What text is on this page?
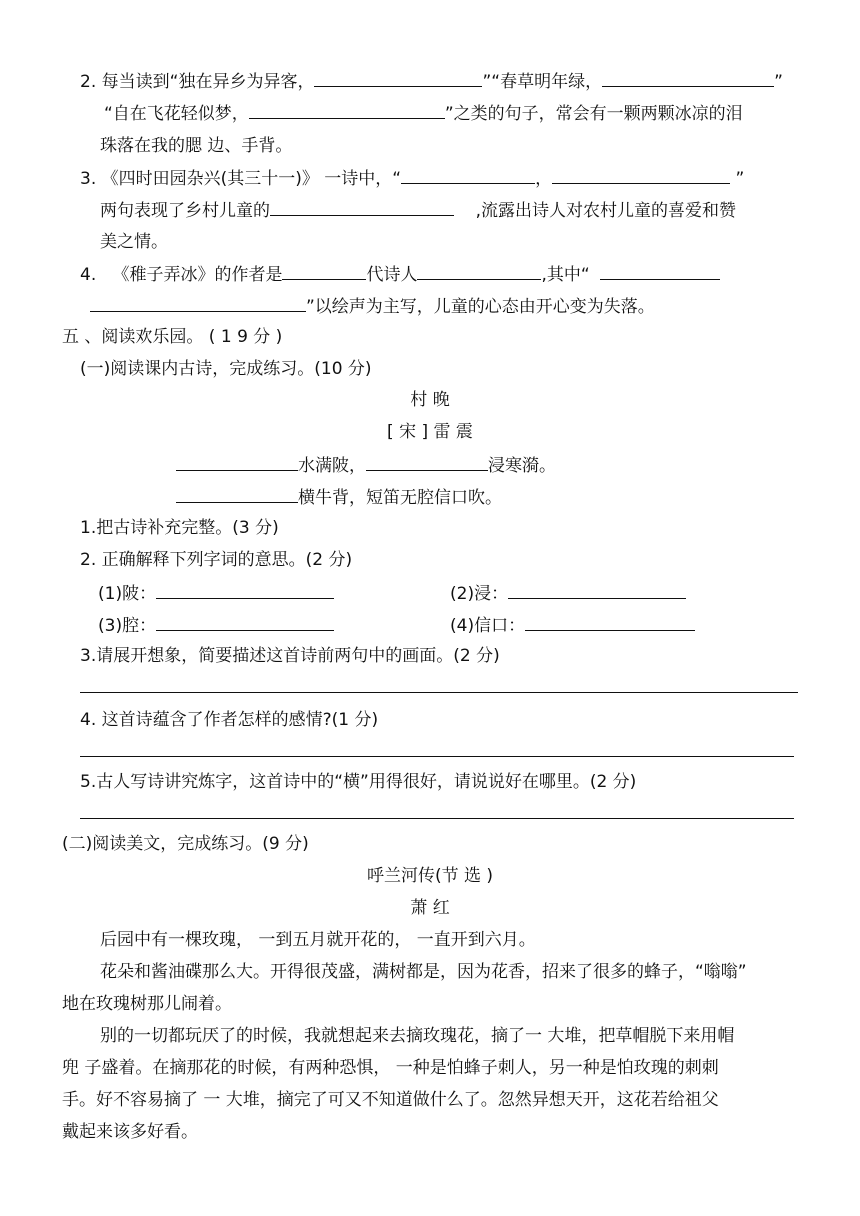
2. 每当读到“独在异乡为异客，	”“春草明年绿，	”
“自在飞花轻似梦，	”之类的句子，常会有一颗两颗冰凉的泪
珠落在我的腮 边、手背。
3. 《四时田园杂兴(其三十一)》 一诗中，“	，	”
两句表现了乡村儿童的	,流露出诗人对农村儿童的喜爱和赞
美之情。
4. 《稚子弄冰》的作者是	代诗人	,其中“
”以绘声为主写，儿童的心态由开心变为失落。
五 、阅读欢乐园。 ( 1 9 分 )
(一)阅读课内古诗，完成练习。(10 分)
村 晚
[ 宋 ] 雷 震
水满陂，	浸寒漪。
横牛背，短笛无腔信口吹。
1.把古诗补充完整。(3 分)
2. 正确解释下列字词的意思。(2 分)
(1)陂：	(2)浸：
(3)腔：	(4)信口：
3.请展开想象，简要描述这首诗前两句中的画面。(2 分)
4. 这首诗蕴含了作者怎样的感情?(1 分)
5.古人写诗讲究炼字，这首诗中的“横”用得很好，请说说好在哪里。(2 分)
(二)阅读美文，完成练习。(9 分)
呼兰河传(节 选 )
萧 红
后园中有一棵玫瑰， 一到五月就开花的， 一直开到六月。
花朵和酱油碟那么大。开得很茂盛，满树都是，因为花香，招来了很多的蜂子，“嗡嗡”
地在玫瑰树那儿闹着。
别的一切都玩厌了的时候，我就想起来去摘玫瑰花，摘了一 大堆，把草帽脱下来用帽
兜 子盛着。在摘那花的时候，有两种恐惧， 一种是怕蜂子刺人，另一种是怕玫瑰的刺刺
手。好不容易摘了 一 大堆，摘完了可又不知道做什么了。忽然异想天开，这花若给祖父
戴起来该多好看。
